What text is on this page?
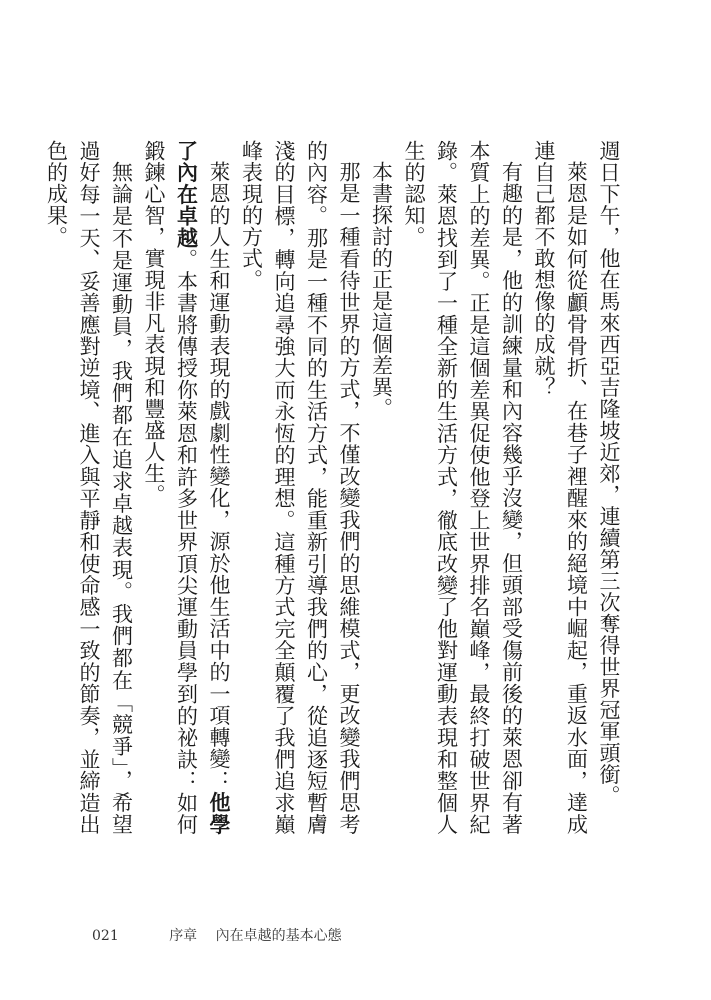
週日下午，他在馬來西亞吉隆坡近郊，連續第三次奪得世界冠軍頭銜。

萊恩是如何從顱骨骨折、在巷子裡醒來的絕境中崛起，重返水面，達成連自己都不敢想像的成就？

有趣的是，他的訓練量和內容幾乎沒變，但頭部受傷前後的萊恩卻有著本質上的差異。正是這個差異促使他登上世界排名巔峰，最終打破世界紀錄。萊恩找到了一種全新的生活方式，徹底改變了他對運動表現和整個人生的認知。

本書探討的正是這個差異。

那是一種看待世界的方式，不僅改變我們的思維模式，更改變我們思考的內容。那是一種不同的生活方式，能重新引導我們的心，從追逐短暫膚淺的目標，轉向追尋強大而永恆的理想。這種方式完全顛覆了我們追求巔峰表現的方式。

萊恩的人生和運動表現的戲劇性變化，源於他生活中的一項轉變：他學了內在卓越。本書將傳授你萊恩和許多世界頂尖運動員學到的祕訣：如何鍛鍊心智，實現非凡表現和豐盛人生。

無論是不是運動員，我們都在追求卓越表現。我們都在「競爭」，希望過好每一天、妥善應對逆境、進入與平靜和使命感一致的節奏，並締造出色的成果。

021	序章 內在卓越的基本心態
